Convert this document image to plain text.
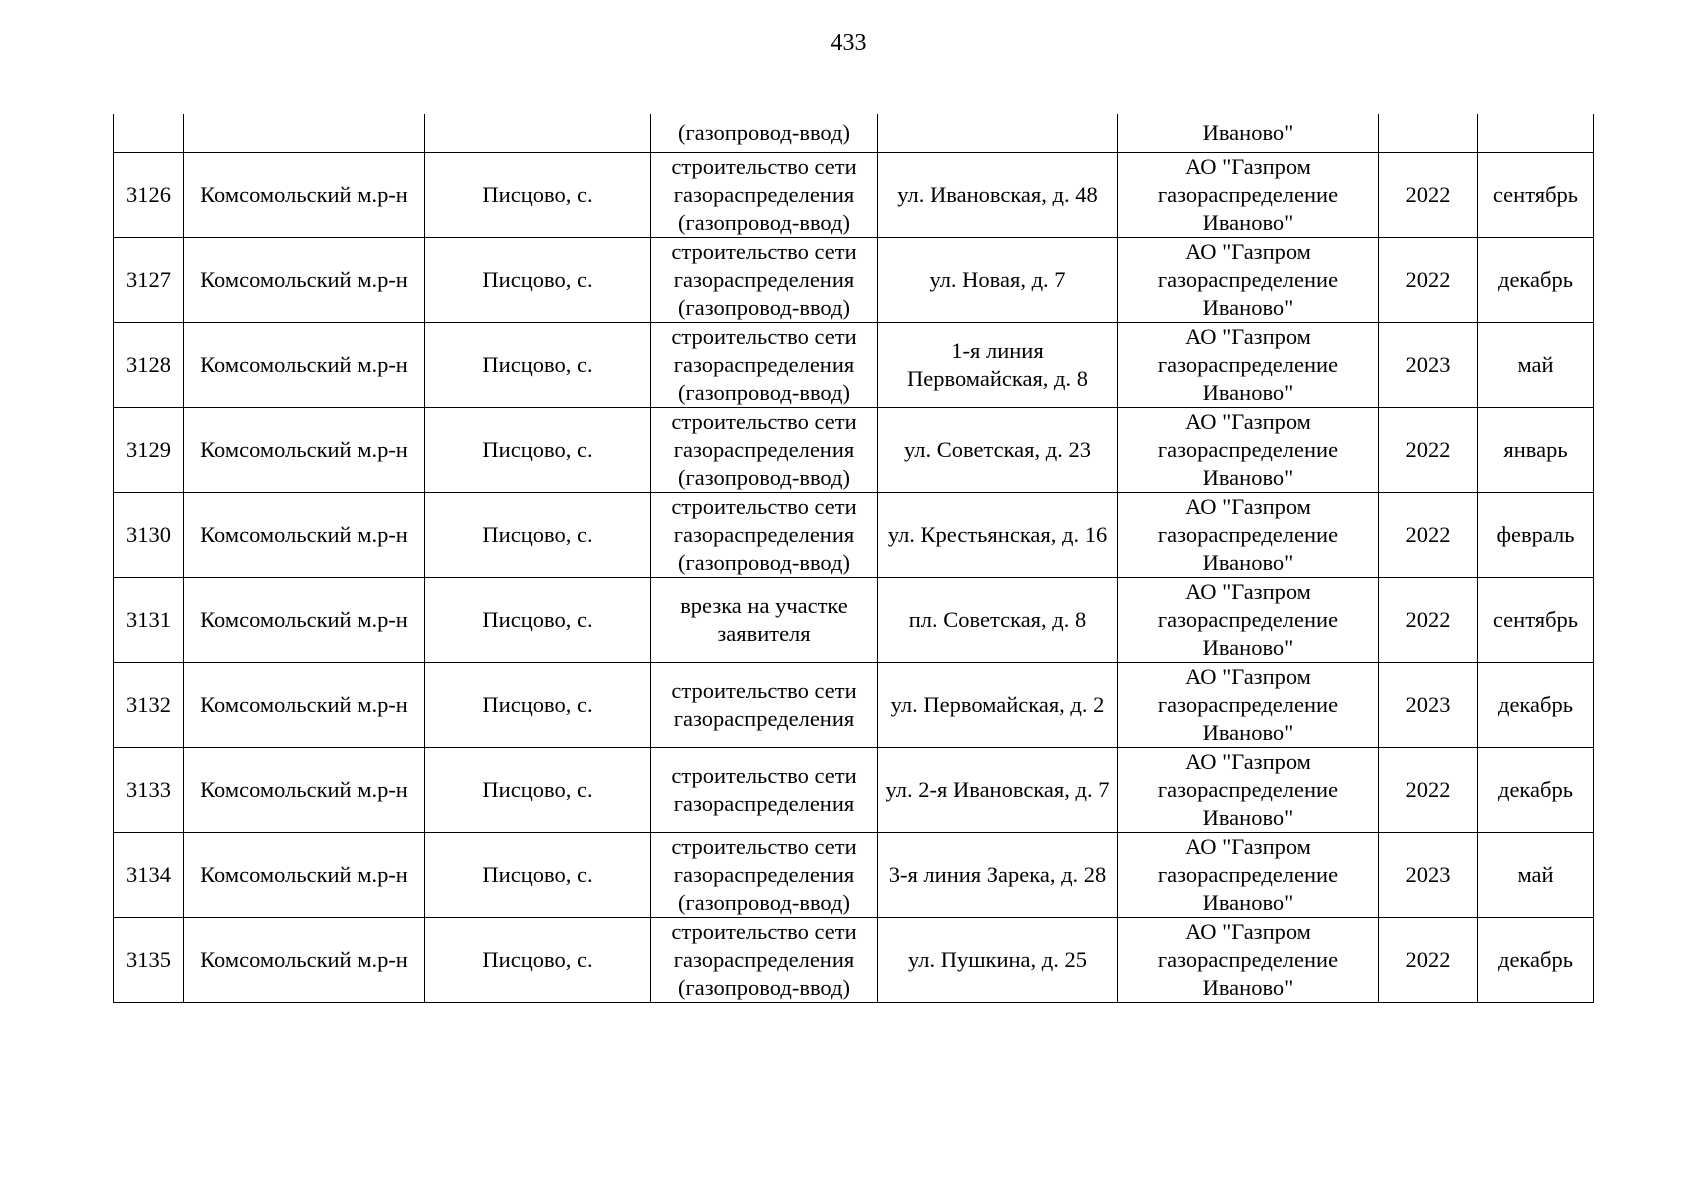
433
			(газопровод-ввод)		Иваново"		
3126	Комсомольский м.р-н	Писцово, с.	строительство сети газораспределения (газопровод-ввод)	ул. Ивановская, д. 48	АО "Газпром газораспределение Иваново"	2022	сентябрь
3127	Комсомольский м.р-н	Писцово, с.	строительство сети газораспределения (газопровод-ввод)	ул. Новая, д. 7	АО "Газпром газораспределение Иваново"	2022	декабрь
3128	Комсомольский м.р-н	Писцово, с.	строительство сети газораспределения (газопровод-ввод)	1-я линия Первомайская, д. 8	АО "Газпром газораспределение Иваново"	2023	май
3129	Комсомольский м.р-н	Писцово, с.	строительство сети газораспределения (газопровод-ввод)	ул. Советская, д. 23	АО "Газпром газораспределение Иваново"	2022	январь
3130	Комсомольский м.р-н	Писцово, с.	строительство сети газораспределения (газопровод-ввод)	ул. Крестьянская, д. 16	АО "Газпром газораспределение Иваново"	2022	февраль
3131	Комсомольский м.р-н	Писцово, с.	врезка на участке заявителя	пл. Советская, д. 8	АО "Газпром газораспределение Иваново"	2022	сентябрь
3132	Комсомольский м.р-н	Писцово, с.	строительство сети газораспределения	ул. Первомайская, д. 2	АО "Газпром газораспределение Иваново"	2023	декабрь
3133	Комсомольский м.р-н	Писцово, с.	строительство сети газораспределения	ул. 2-я Ивановская, д. 7	АО "Газпром газораспределение Иваново"	2022	декабрь
3134	Комсомольский м.р-н	Писцово, с.	строительство сети газораспределения (газопровод-ввод)	3-я линия Зарека, д. 28	АО "Газпром газораспределение Иваново"	2023	май
3135	Комсомольский м.р-н	Писцово, с.	строительство сети газораспределения (газопровод-ввод)	ул. Пушкина, д. 25	АО "Газпром газораспределение Иваново"	2022	декабрь
